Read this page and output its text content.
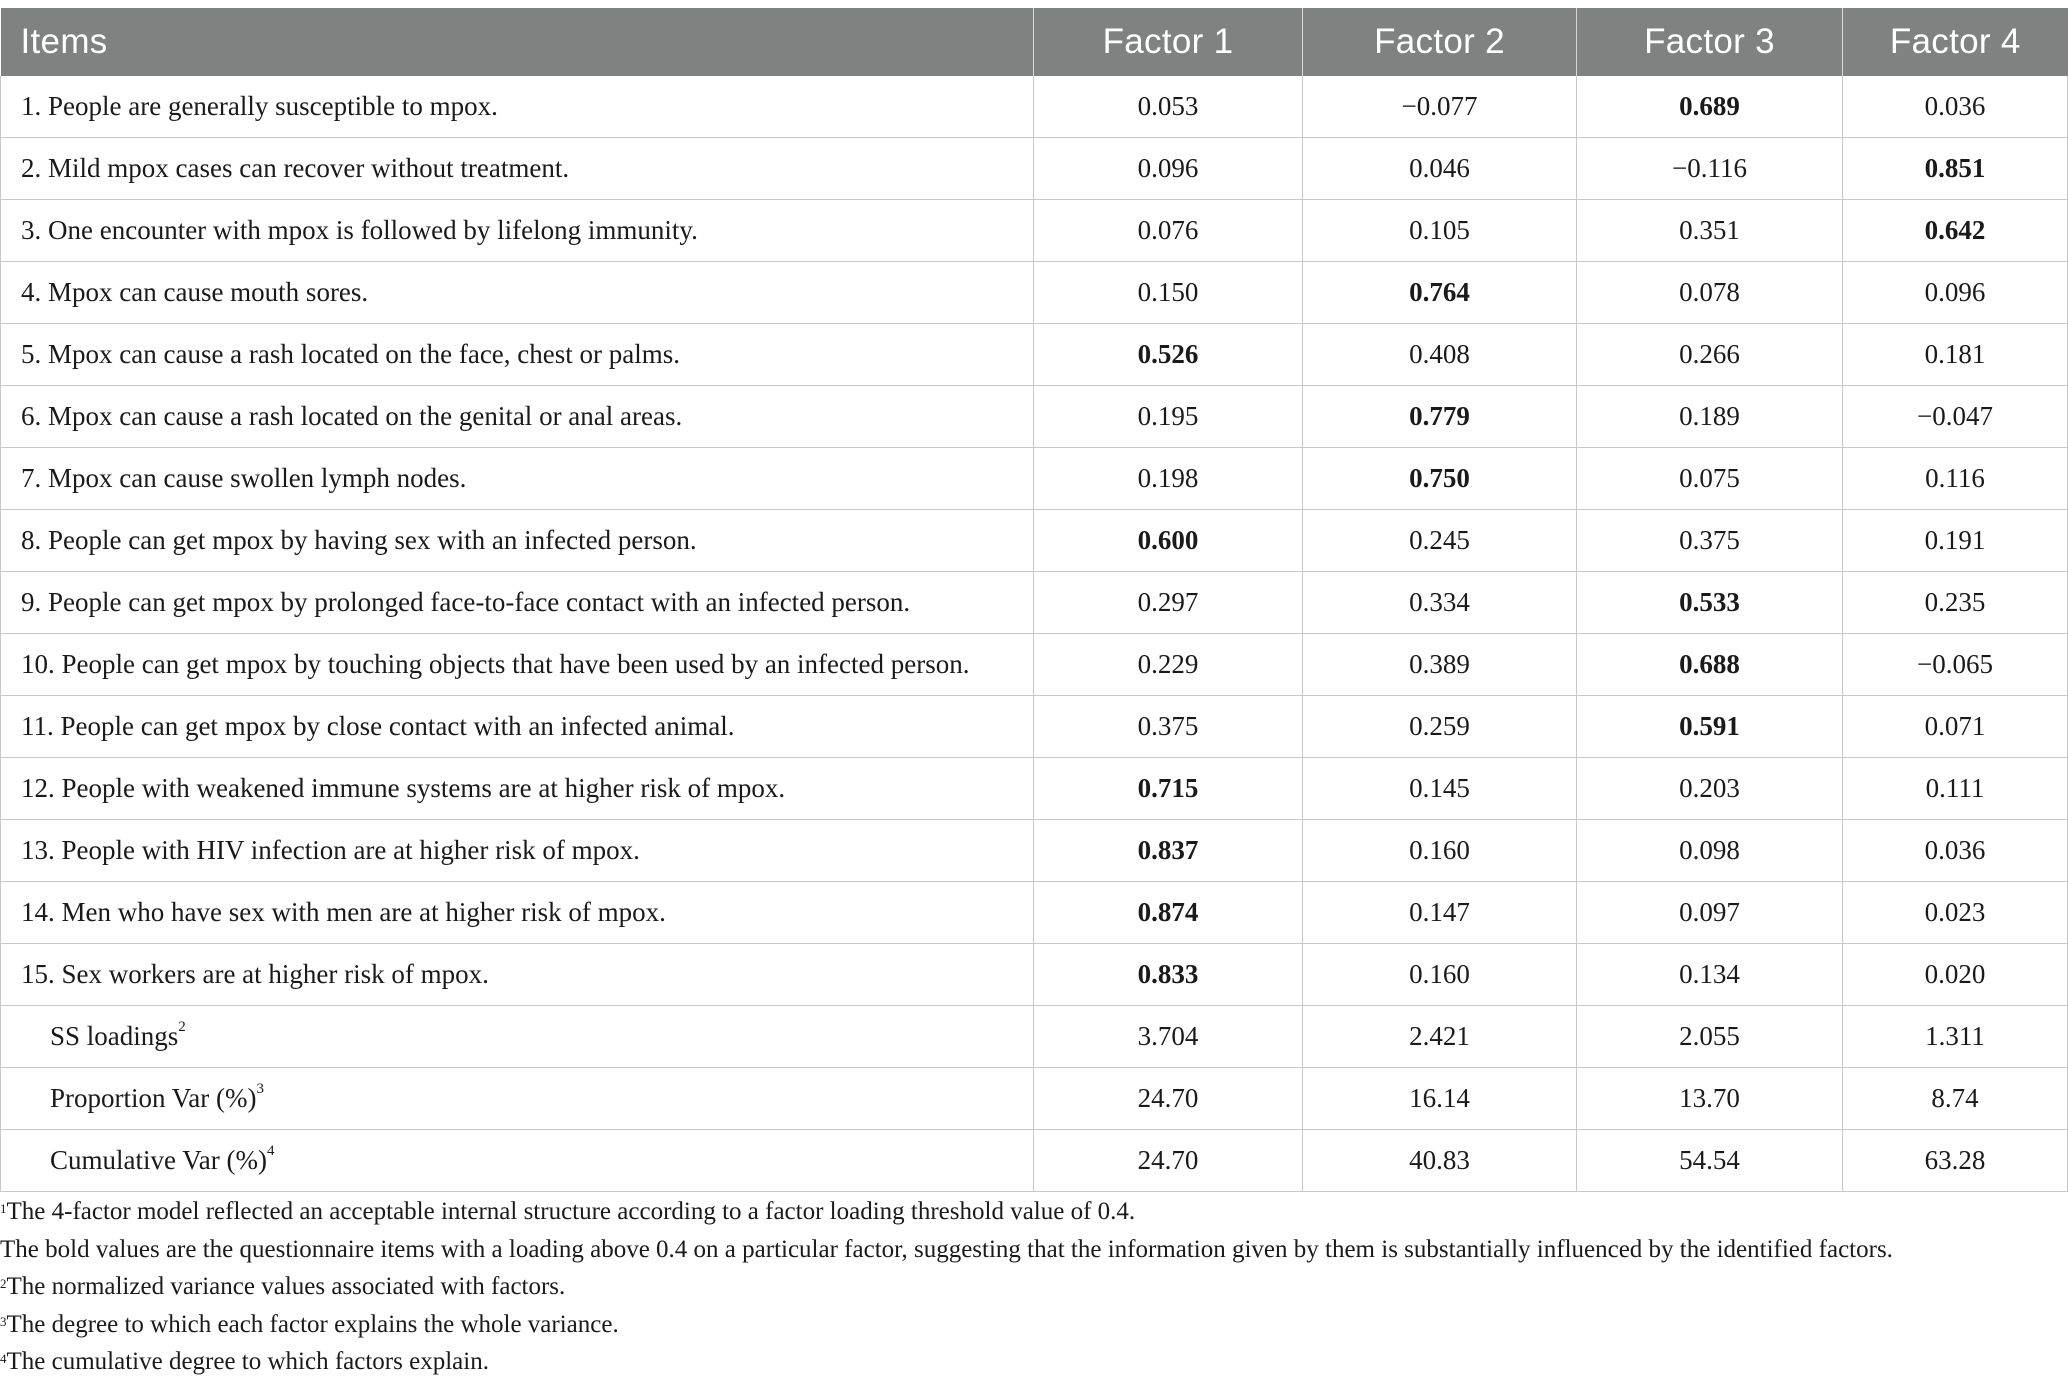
Items	Factor 1	Factor 2	Factor 3	Factor 4
1. People are generally susceptible to mpox.	0.053	−0.077	0.689	0.036
2. Mild mpox cases can recover without treatment.	0.096	0.046	−0.116	0.851
3. One encounter with mpox is followed by lifelong immunity.	0.076	0.105	0.351	0.642
4. Mpox can cause mouth sores.	0.150	0.764	0.078	0.096
5. Mpox can cause a rash located on the face, chest or palms.	0.526	0.408	0.266	0.181
6. Mpox can cause a rash located on the genital or anal areas.	0.195	0.779	0.189	−0.047
7. Mpox can cause swollen lymph nodes.	0.198	0.750	0.075	0.116
8. People can get mpox by having sex with an infected person.	0.600	0.245	0.375	0.191
9. People can get mpox by prolonged face-to-face contact with an infected person.	0.297	0.334	0.533	0.235
10. People can get mpox by touching objects that have been used by an infected person.	0.229	0.389	0.688	−0.065
11. People can get mpox by close contact with an infected animal.	0.375	0.259	0.591	0.071
12. People with weakened immune systems are at higher risk of mpox.	0.715	0.145	0.203	0.111
13. People with HIV infection are at higher risk of mpox.	0.837	0.160	0.098	0.036
14. Men who have sex with men are at higher risk of mpox.	0.874	0.147	0.097	0.023
15. Sex workers are at higher risk of mpox.	0.833	0.160	0.134	0.020
SS loadings$^2$	3.704	2.421	2.055	1.311
Proportion Var (%)$^3$	24.70	16.14	13.70	8.74
Cumulative Var (%)$^4$	24.70	40.83	54.54	63.28
$^1$The 4-factor model reflected an acceptable internal structure according to a factor loading threshold value of 0.4.
The bold values are the questionnaire items with a loading above 0.4 on a particular factor, suggesting that the information given by them is substantially influenced by the identified factors.
$^2$The normalized variance values associated with factors.
$^3$The degree to which each factor explains the whole variance.
$^4$The cumulative degree to which factors explain.
